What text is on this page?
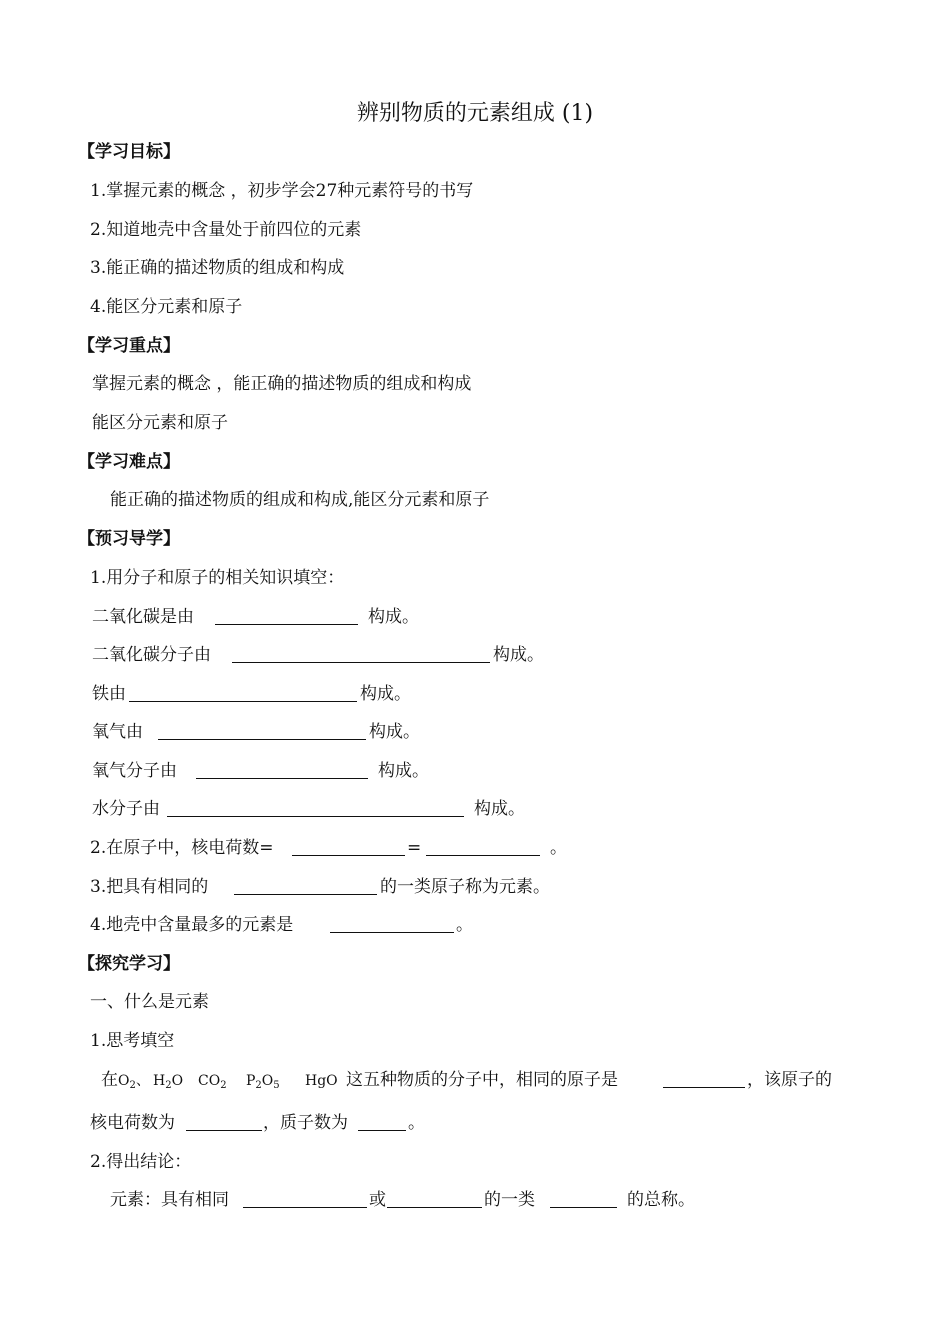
辨别物质的元素组成 (1)
【学习目标】
1.掌握元素的概念 ，初步学会27种元素符号的书写
2.知道地壳中含量处于前四位的元素
3.能正确的描述物质的组成和构成
4.能区分元素和原子
【学习重点】
掌握元素的概念 ，能正确的描述物质的组成和构成
能区分元素和原子
【学习难点】
能正确的描述物质的组成和构成,能区分元素和原子
【预习导学】
1.用分子和原子的相关知识填空：
二氧化碳是由	构成。
二氧化碳分子由	构成。
铁由	构成。
氧气由	构成。
氧气分子由	构成。
水分子由	构成。
2.在原子中，核电荷数=	=	。
3.把具有相同的	的一类原子称为元素。
4.地壳中含量最多的元素是	。
【探究学习】
一、什么是元素
1.思考填空
在 $O_2$ 、 $H_2O$ $CO_2$ $P_2O_5$ HgO 这五种物质的分子中，相同的原子是	，该原子的
核电荷数为	，质子数为	。
2.得出结论：
元素：具有相同	或	的一类	的总称。
